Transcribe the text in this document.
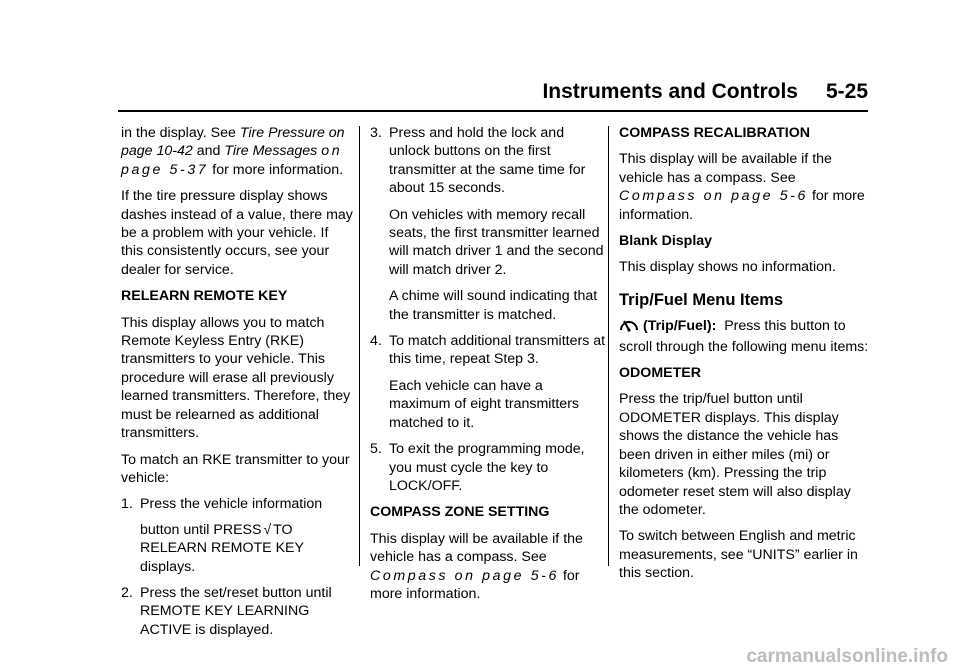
Instruments and Controls 5-25

in the display. See Tire Pressure on page 10-42 and Tire Messages on page 5-37 for more information.

If the tire pressure display shows dashes instead of a value, there may be a problem with your vehicle. If this consistently occurs, see your dealer for service.

RELEARN REMOTE KEY

This display allows you to match Remote Keyless Entry (RKE) transmitters to your vehicle. This procedure will erase all previously learned transmitters. Therefore, they must be relearned as additional transmitters.

To match an RKE transmitter to your vehicle:

1. Press the vehicle information
button until PRESS √ TO RELEARN REMOTE KEY displays.
2. Press the set/reset button until REMOTE KEY LEARNING ACTIVE is displayed.
3. Press and hold the lock and unlock buttons on the first transmitter at the same time for about 15 seconds.

On vehicles with memory recall seats, the first transmitter learned will match driver 1 and the second will match driver 2.

A chime will sound indicating that the transmitter is matched.

4. To match additional transmitters at this time, repeat Step 3.

Each vehicle can have a maximum of eight transmitters matched to it.

5. To exit the programming mode, you must cycle the key to LOCK/OFF.

COMPASS ZONE SETTING

This display will be available if the vehicle has a compass. See Compass on page 5-6 for more information.

COMPASS RECALIBRATION

This display will be available if the vehicle has a compass. See Compass on page 5-6 for more information.

Blank Display

This display shows no information.

Trip/Fuel Menu Items

(Trip/Fuel): Press this button to scroll through the following menu items:

ODOMETER

Press the trip/fuel button until ODOMETER displays. This display shows the distance the vehicle has been driven in either miles (mi) or kilometers (km). Pressing the trip odometer reset stem will also display the odometer.

To switch between English and metric measurements, see “UNITS” earlier in this section.

carmanualsonline.info
